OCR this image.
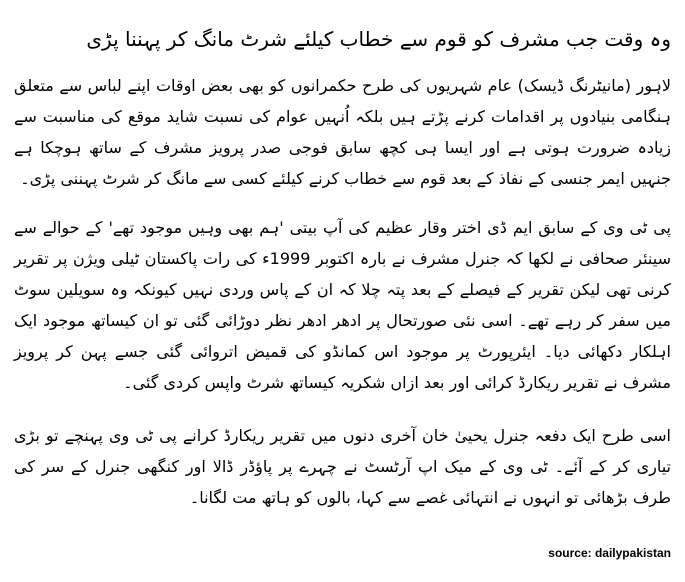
وہ وقت جب مشرف کو قوم سے خطاب کیلئے شرٹ مانگ کر پہننا پڑی

لاہور (مانیٹرنگ ڈیسک) عام شہریوں کی طرح حکمرانوں کو بھی بعض اوقات اپنے لباس سے متعلق ہنگامی بنیادوں پر اقدامات کرنے پڑتے ہیں بلکہ اُنہیں عوام کی نسبت شاید موقع کی مناسبت سے زیادہ ضرورت ہوتی ہے اور ایسا ہی کچھ سابق فوجی صدر پرویز مشرف کے ساتھ ہوچکا ہے جنہیں ایمر جنسی کے نفاذ کے بعد قوم سے خطاب کرنے کیلئے کسی سے مانگ کر شرٹ پہننی پڑی۔

پی ٹی وی کے سابق ایم ڈی اختر وقار عظیم کی آپ بیتی 'ہم بھی وہیں موجود تھے' کے حوالے سے سینئر صحافی نے لکھا کہ جنرل مشرف نے بارہ اکتوبر 1999ء کی رات پاکستان ٹیلی ویژن پر تقریر کرنی تھی لیکن تقریر کے فیصلے کے بعد پتہ چلا کہ ان کے پاس وردی نہیں کیونکہ وہ سویلین سوٹ میں سفر کر رہے تھے۔ اسی نئی صورتحال پر ادھر ادھر نظر دوڑائی گئی تو ان کیساتھ موجود ایک اہلکار دکھائی دیا۔ ایئرپورٹ پر موجود اس کمانڈو کی قمیض اتروائی گئی جسے پہن کر پرویز مشرف نے تقریر ریکارڈ کرائی اور بعد ازاں شکریہ کیساتھ شرٹ واپس کردی گئی۔

اسی طرح ایک دفعہ جنرل یحییٰ خان آخری دنوں میں تقریر ریکارڈ کرانے پی ٹی وی پہنچے تو بڑی تیاری کر کے آئے۔ ٹی وی کے میک اپ آرٹسٹ نے چہرے پر پاؤڈر ڈالا اور کنگھی جنرل کے سر کی طرف بڑھائی تو انہوں نے انتہائی غصے سے کہا، بالوں کو ہاتھ مت لگانا۔

source: dailypakistan
